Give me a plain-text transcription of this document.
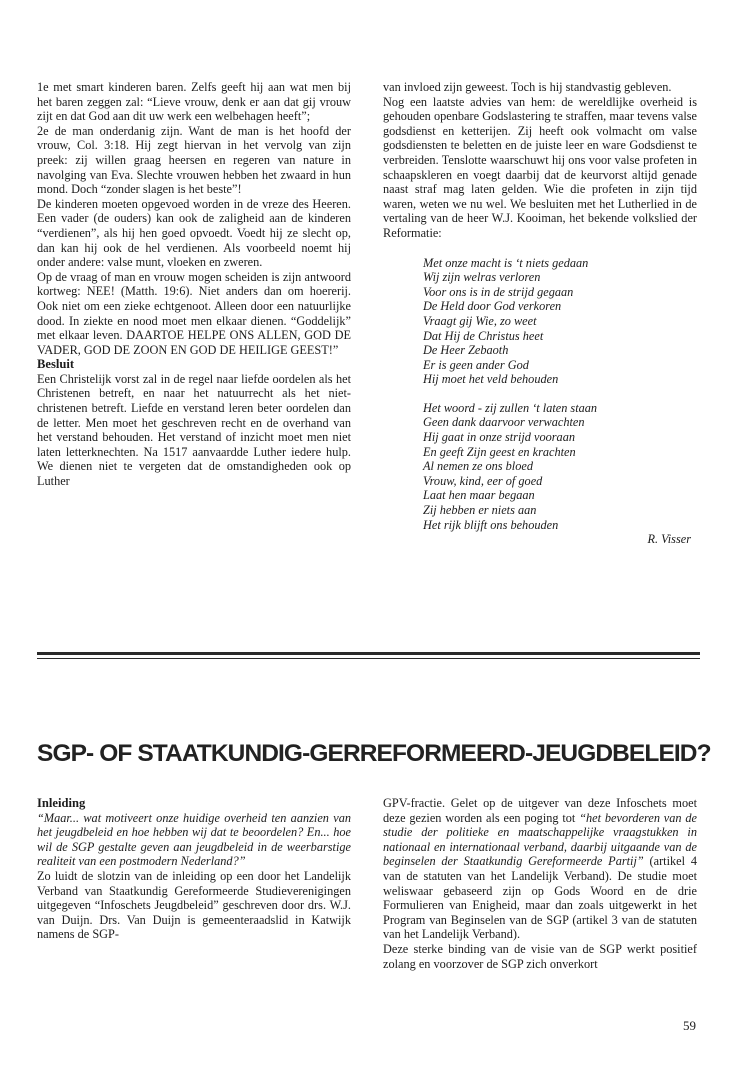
1e met smart kinderen baren. Zelfs geeft hij aan wat men bij het baren zeggen zal: “Lieve vrouw, denk er aan dat gij vrouw zijt en dat God aan dit uw werk een welbehagen heeft”;

2e de man onderdanig zijn. Want de man is het hoofd der vrouw, Col. 3:18. Hij zegt hiervan in het vervolg van zijn preek: zij willen graag heersen en regeren van nature in navolging van Eva. Slechte vrouwen hebben het zwaard in hun mond. Doch “zonder slagen is het beste”!

De kinderen moeten opgevoed worden in de vreze des Heeren. Een vader (de ouders) kan ook de zaligheid aan de kinderen “verdienen”, als hij hen goed opvoedt. Voedt hij ze slecht op, dan kan hij ook de hel verdienen. Als voorbeeld noemt hij onder andere: valse munt, vloeken en zweren.

Op de vraag of man en vrouw mogen scheiden is zijn antwoord kortweg: NEE! (Matth. 19:6). Niet anders dan om hoererij. Ook niet om een zieke echtgenoot. Alleen door een natuurlijke dood. In ziekte en nood moet men elkaar dienen. “Goddelijk” met elkaar leven. DAARTOE HELPE ONS ALLEN, GOD DE VADER, GOD DE ZOON EN GOD DE HEILIGE GEEST!”

Besluit

Een Christelijk vorst zal in de regel naar liefde oordelen als het Christenen betreft, en naar het natuurrecht als het niet-christenen betreft. Liefde en verstand leren beter oordelen dan de letter. Men moet het geschreven recht en de overhand van het verstand behouden. Het verstand of inzicht moet men niet laten letterknechten. Na 1517 aanvaardde Luther iedere hulp. We dienen niet te vergeten dat de omstandigheden ook op Luther

van invloed zijn geweest. Toch is hij standvastig gebleven.

Nog een laatste advies van hem: de wereldlijke overheid is gehouden openbare Godslastering te straffen, maar tevens valse godsdienst en ketterijen. Zij heeft ook volmacht om valse godsdiensten te beletten en de juiste leer en ware Godsdienst te verbreiden. Tenslotte waarschuwt hij ons voor valse profeten in schaapskleren en voegt daarbij dat de keurvorst altijd genade naast straf mag laten gelden. Wie die profeten in zijn tijd waren, weten we nu wel. We besluiten met het Lutherlied in de vertaling van de heer W.J. Kooiman, het bekende volkslied der Reformatie:

Met onze macht is ‘t niets gedaan
Wij zijn welras verloren
Voor ons is in de strijd gegaan
De Held door God verkoren
Vraagt gij Wie, zo weet
Dat Hij de Christus heet
De Heer Zebaoth
Er is geen ander God
Hij moet het veld behouden
Het woord - zij zullen ‘t laten staan
Geen dank daarvoor verwachten
Hij gaat in onze strijd vooraan
En geeft Zijn geest en krachten
Al nemen ze ons bloed
Vrouw, kind, eer of goed
Laat hen maar begaan
Zij hebben er niets aan
Het rijk blijft ons behouden

R. Visser

SGP- OF STAATKUNDIG-GERREFORMEERD-JEUGDBELEID?

Inleiding

“Maar... wat motiveert onze huidige overheid ten aanzien van het jeugdbeleid en hoe hebben wij dat te beoordelen? En... hoe wil de SGP gestalte geven aan jeugdbeleid in de weerbarstige realiteit van een postmodern Nederland?”

Zo luidt de slotzin van de inleiding op een door het Landelijk Verband van Staatkundig Gereformeerde Studieverenigingen uitgegeven “Infoschets Jeugdbeleid” geschreven door drs. W.J. van Duijn. Drs. Van Duijn is gemeenteraadslid in Katwijk namens de SGP-

GPV-fractie. Gelet op de uitgever van deze Infoschets moet deze gezien worden als een poging tot “het bevorderen van de studie der politieke en maatschappelijke vraagstukken in nationaal en internationaal verband, daarbij uitgaande van de beginselen der Staatkundig Gereformeerde Partij” (artikel 4 van de statuten van het Landelijk Verband). De studie moet weliswaar gebaseerd zijn op Gods Woord en de drie Formulieren van Enigheid, maar dan zoals uitgewerkt in het Program van Beginselen van de SGP (artikel 3 van de statuten van het Landelijk Verband).

Deze sterke binding van de visie van de SGP werkt positief zolang en voorzover de SGP zich onverkort

59
